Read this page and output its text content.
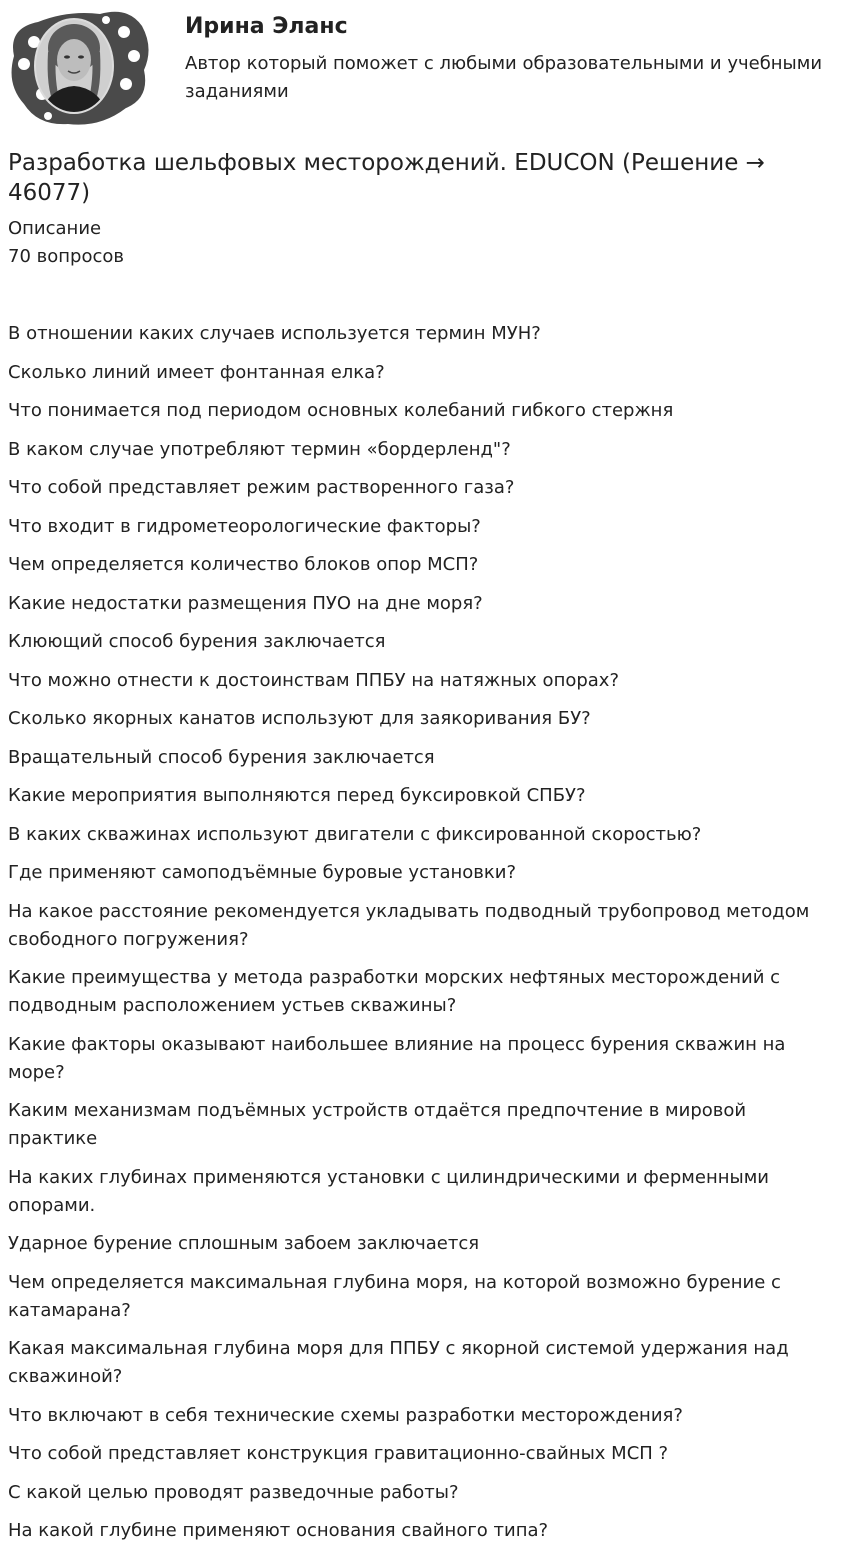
Ирина Эланс
Автор который поможет с любыми образовательными и учебными заданиями
Разработка шельфовых месторождений. EDUCON (Решение → 46077)
Описание
70 вопросов
В отношении каких случаев используется термин МУН?
Сколько линий имеет фонтанная елка?
Что понимается под периодом основных колебаний гибкого стержня
В каком случае употребляют термин «бордерленд"?
Что собой представляет режим растворенного газа?
Что входит в гидрометеорологические факторы?
Чем определяется количество блоков опор МСП?
Какие недостатки размещения ПУО на дне моря?
Клюющий способ бурения заключается
Что можно отнести к достоинствам ППБУ на натяжных опорах?
Сколько якорных канатов используют для заякоривания БУ?
Вращательный способ бурения заключается
Какие мероприятия выполняются перед буксировкой СПБУ?
В каких скважинах используют двигатели с фиксированной скоростью?
Где применяют самоподъёмные буровые установки?
На какое расстояние рекомендуется укладывать подводный трубопровод методом свободного погружения?
Какие преимущества у метода разработки морских нефтяных месторождений с подводным расположением устьев скважины?
Какие факторы оказывают наибольшее влияние на процесс бурения скважин на море?
Каким механизмам подъёмных устройств отдаётся предпочтение в мировой практике
На каких глубинах применяются установки с цилиндрическими и ферменными опорами.
Ударное бурение сплошным забоем заключается
Чем определяется максимальная глубина моря, на которой возможно бурение с катамарана?
Какая максимальная глубина моря для ППБУ с якорной системой удержания над скважиной?
Что включают в себя технические схемы разработки месторождения?
Что собой представляет конструкция гравитационно-свайных МСП ?
С какой целью проводят разведочные работы?
На какой глубине применяют основания свайного типа?
